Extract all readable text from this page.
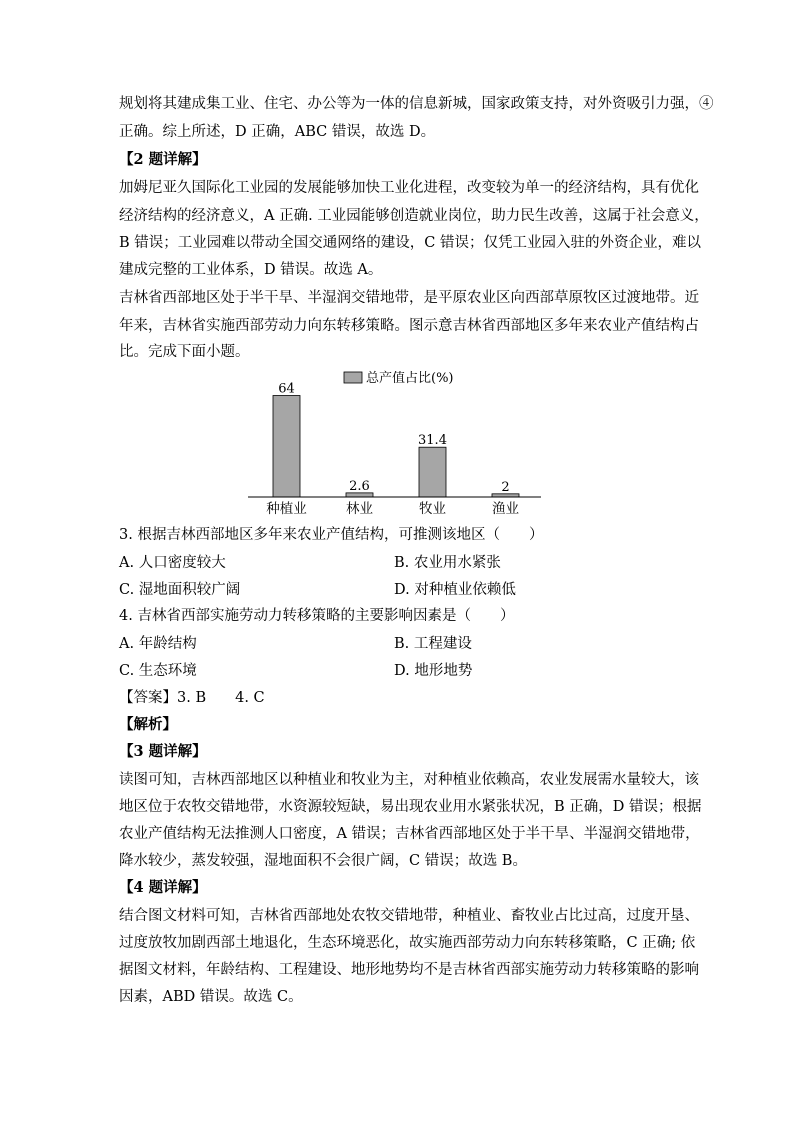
规划将其建成集工业、住宅、办公等为一体的信息新城，国家政策支持，对外资吸引力强，④
正确。综上所述，D 正确，ABC 错误，故选 D。
【2 题详解】
加姆尼亚久国际化工业园的发展能够加快工业化进程，改变较为单一的经济结构，具有优化
经济结构的经济意义，A 正确. 工业园能够创造就业岗位，助力民生改善，这属于社会意义，
B 错误；工业园难以带动全国交通网络的建设，C 错误；仅凭工业园入驻的外资企业，难以
建成完整的工业体系，D 错误。故选 A。
吉林省西部地区处于半干旱、半湿润交错地带，是平原农业区向西部草原牧区过渡地带。近
年来，吉林省实施西部劳动力向东转移策略。图示意吉林省西部地区多年来农业产值结构占
比。完成下面小题。
总产值占比(%)
64
种植业
2.6
林业
31.4
牧业
2
渔业
3. 根据吉林西部地区多年来农业产值结构，可推测该地区（　　）
A. 人口密度较大	B. 农业用水紧张
C. 湿地面积较广阔	D. 对种植业依赖低
4. 吉林省西部实施劳动力转移策略的主要影响因素是（　　）
A. 年龄结构	B. 工程建设
C. 生态环境	D. 地形地势
【答案】3. B　　4. C
【解析】
【3 题详解】
读图可知，吉林西部地区以种植业和牧业为主，对种植业依赖高，农业发展需水量较大，该
地区位于农牧交错地带，水资源较短缺，易出现农业用水紧张状况，B 正确，D 错误；根据
农业产值结构无法推测人口密度，A 错误；吉林省西部地区处于半干旱、半湿润交错地带，
降水较少，蒸发较强，湿地面积不会很广阔，C 错误；故选 B。
【4 题详解】
结合图文材料可知，吉林省西部地处农牧交错地带，种植业、畜牧业占比过高，过度开垦、
过度放牧加剧西部土地退化，生态环境恶化，故实施西部劳动力向东转移策略，C 正确; 依
据图文材料，年龄结构、工程建设、地形地势均不是吉林省西部实施劳动力转移策略的影响
因素，ABD 错误。故选 C。
